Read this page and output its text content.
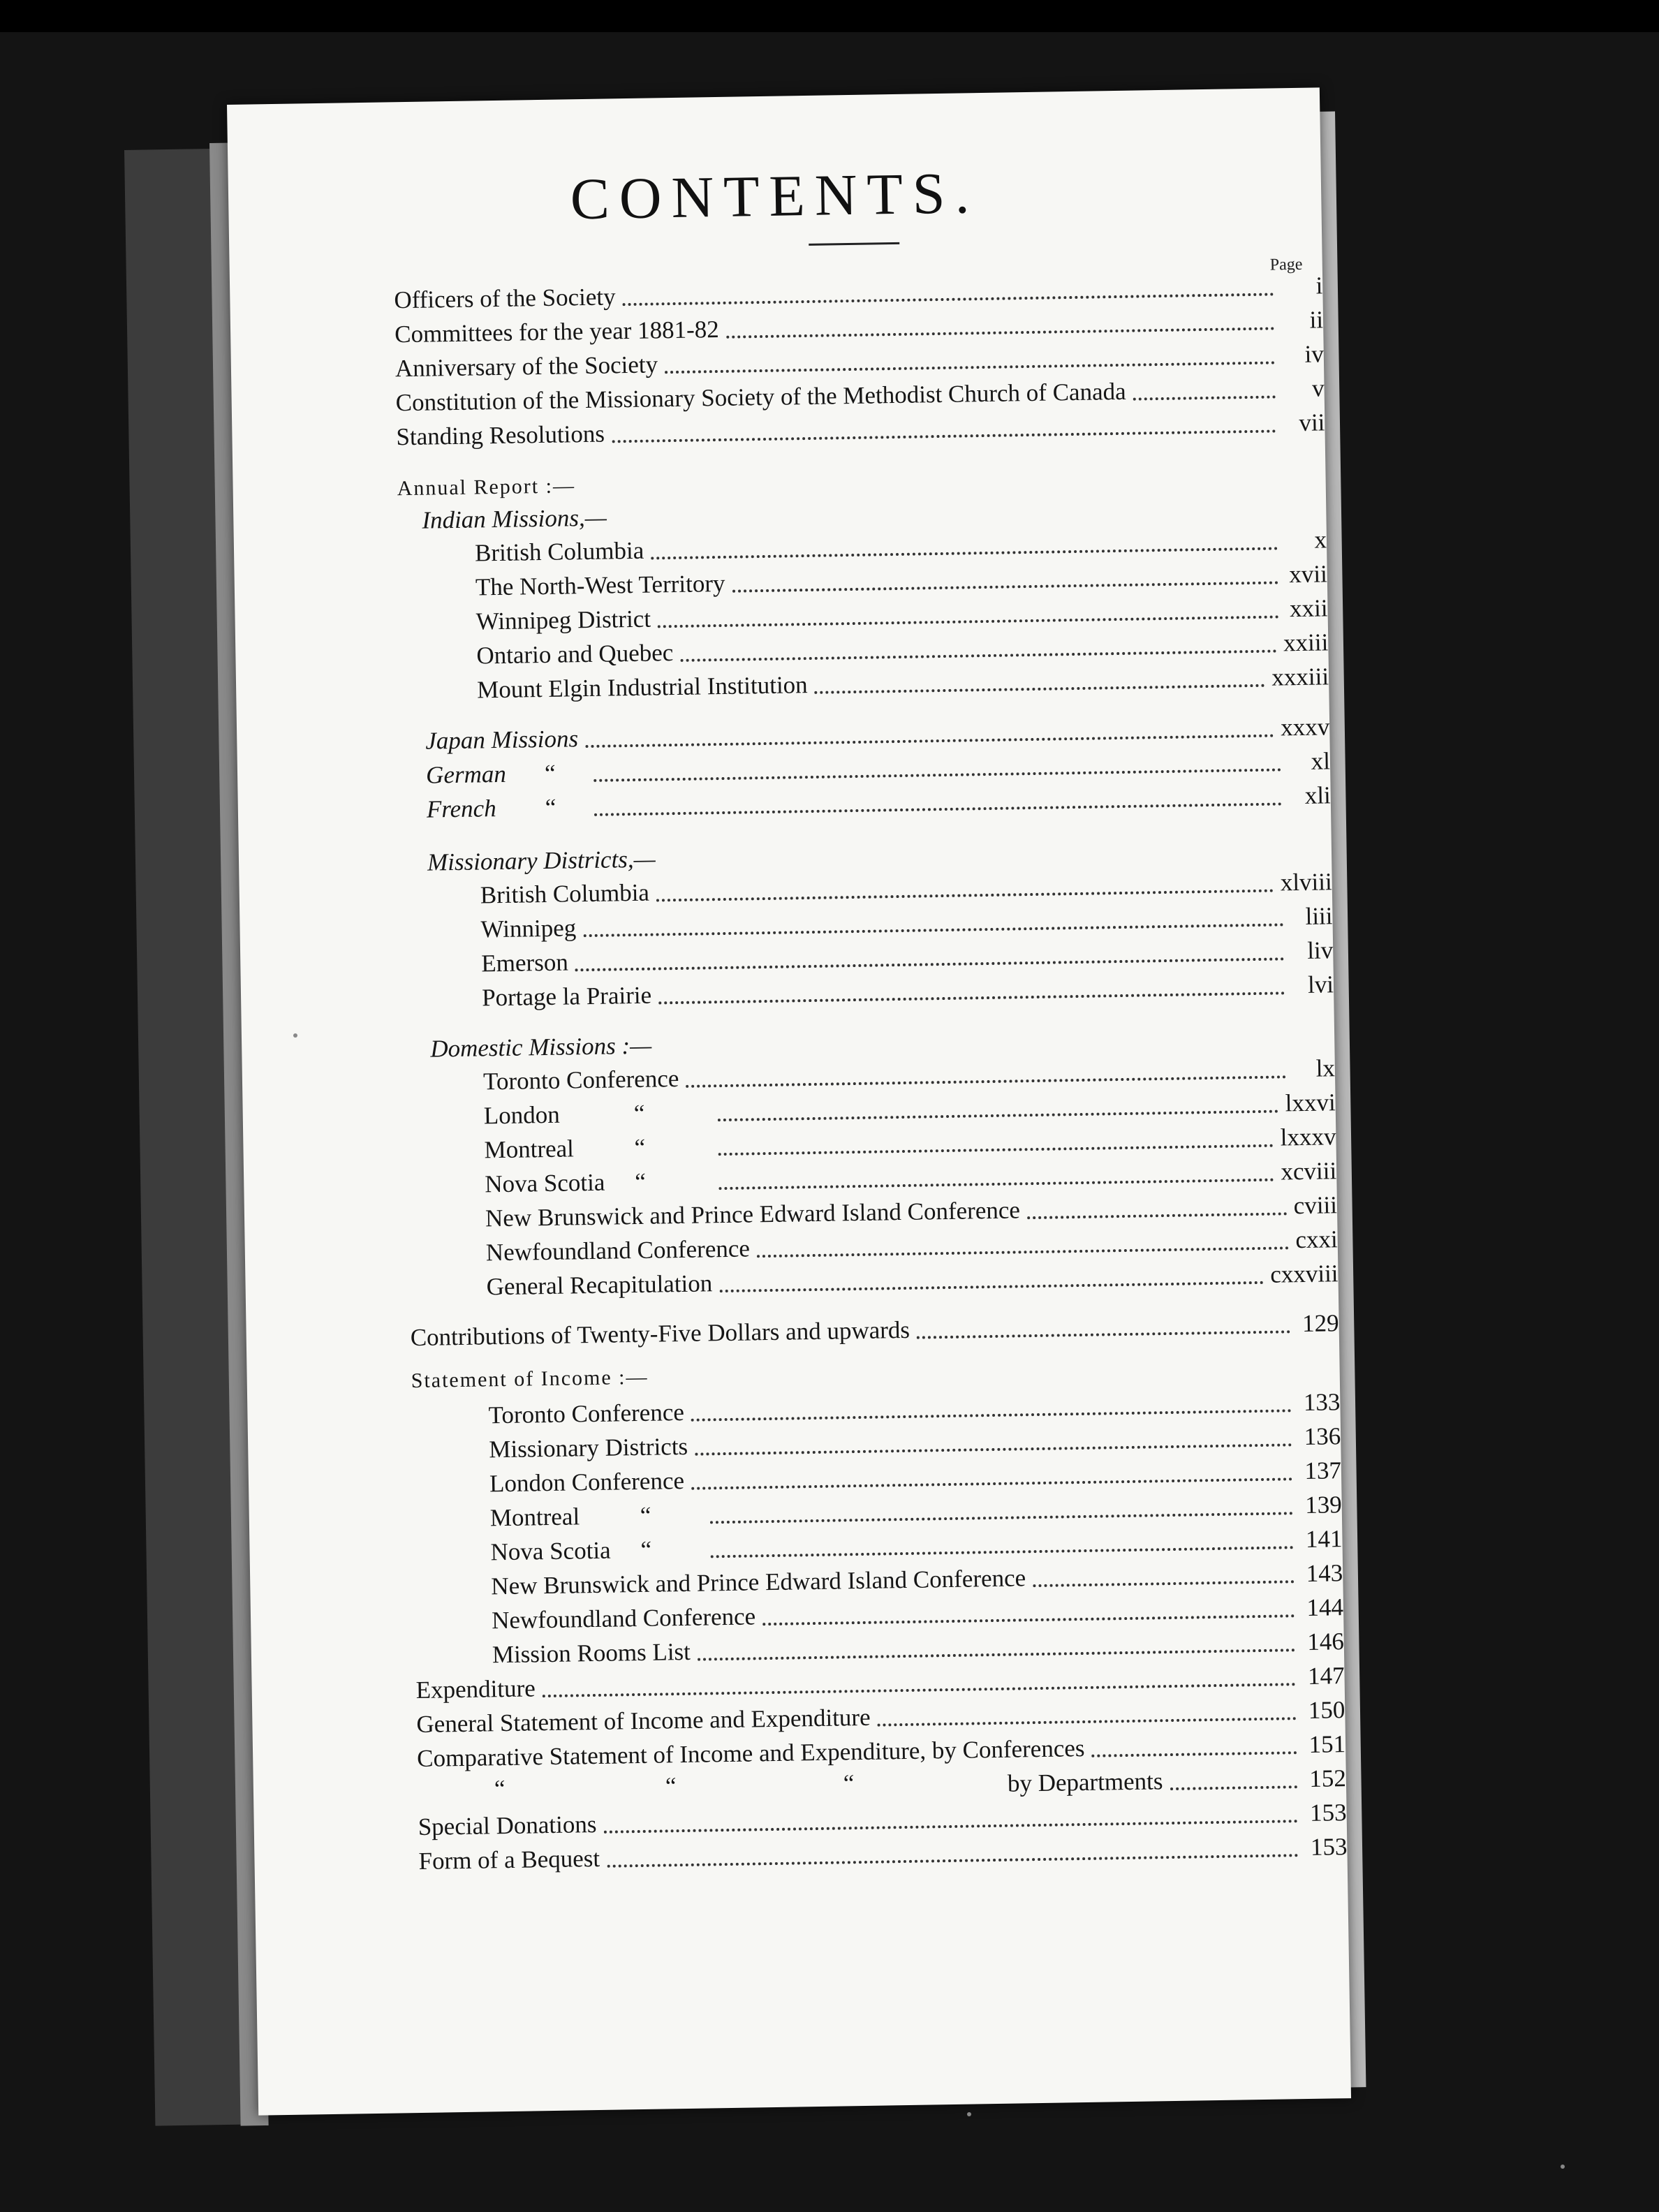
CONTENTS.
Page
Officers of the Society	i
Committees for the year 1881-82	ii
Anniversary of the Society	iv
Constitution of the Missionary Society of the Methodist Church of Canada	v
Standing Resolutions	vii
Annual Report :—
Indian Missions,—
British Columbia	x
The North-West Territory	xvii
Winnipeg District	xxii
Ontario and Quebec	xxiii
Mount Elgin Industrial Institution	xxxiii
Japan Missions	xxxv
German	“	xl
French	“	xli
Missionary Districts,—
British Columbia	xlviii
Winnipeg	liii
Emerson	liv
Portage la Prairie	lvi
Domestic Missions :—
Toronto Conference	lx
London	“	lxxvi
Montreal	“	lxxxv
Nova Scotia	“	xcviii
New Brunswick and Prince Edward Island Conference	cviii
Newfoundland Conference	cxxi
General Recapitulation	cxxviii
Contributions of Twenty-Five Dollars and upwards	129
Statement of Income :—
Toronto Conference	133
Missionary Districts	136
London Conference	137
Montreal	“	139
Nova Scotia	“	141
New Brunswick and Prince Edward Island Conference	143
Newfoundland Conference	144
Mission Rooms List	146
Expenditure	147
General Statement of Income and Expenditure	150
Comparative Statement of Income and Expenditure, by Conferences	151
“	“	“	by Departments	152
Special Donations	153
Form of a Bequest	153
